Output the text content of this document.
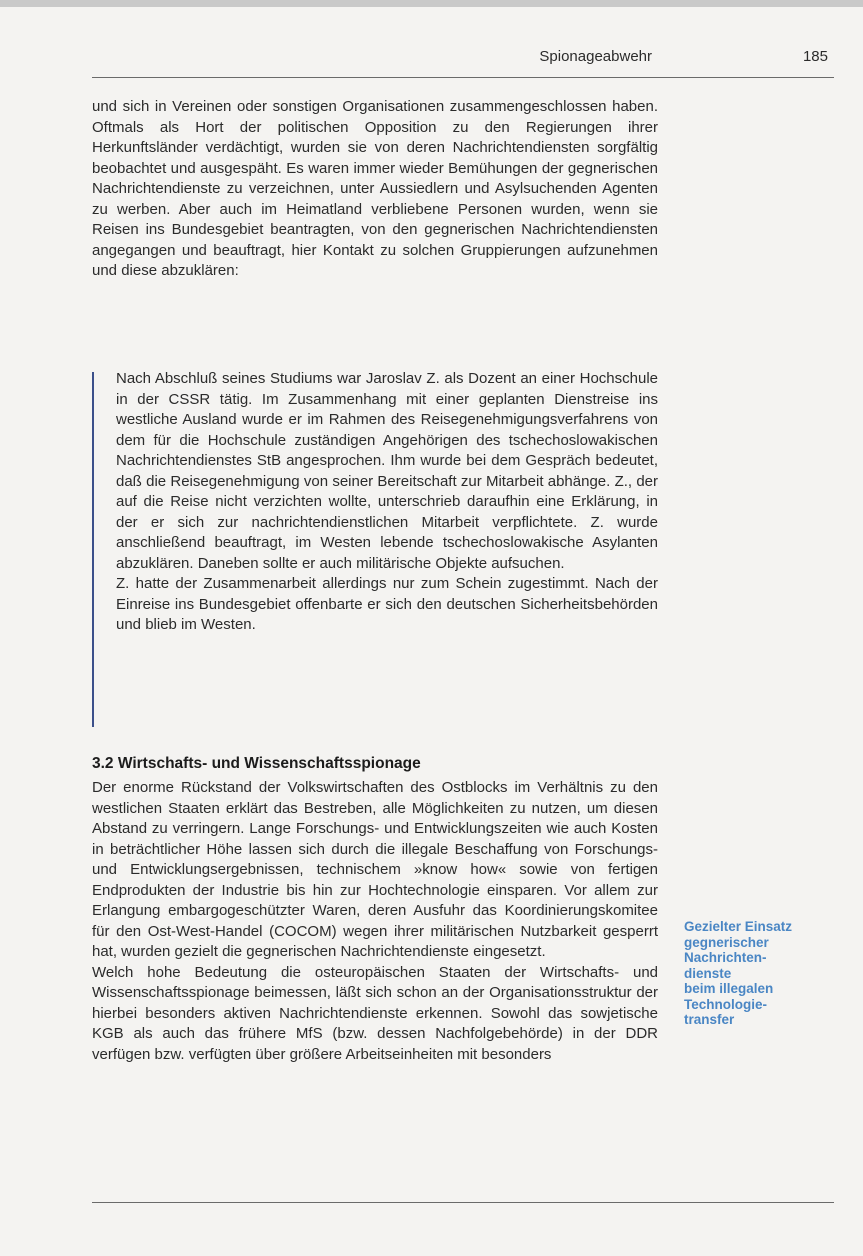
Spionageabwehr	185

und sich in Vereinen oder sonstigen Organisationen zusammengeschlossen haben. Oftmals als Hort der politischen Opposition zu den Regierungen ihrer Herkunftsländer verdächtigt, wurden sie von deren Nachrichtendiensten sorgfältig beobachtet und ausgespäht. Es waren immer wieder Bemühungen der gegnerischen Nachrichtendienste zu verzeichnen, unter Aussiedlern und Asylsuchenden Agenten zu werben. Aber auch im Heimatland verbliebene Personen wurden, wenn sie Reisen ins Bundesgebiet beantragten, von den gegnerischen Nachrichtendiensten angegangen und beauftragt, hier Kontakt zu solchen Gruppierungen aufzunehmen und diese abzuklären:

Nach Abschluß seines Studiums war Jaroslav Z. als Dozent an einer Hochschule in der CSSR tätig. Im Zusammenhang mit einer geplanten Dienstreise ins westliche Ausland wurde er im Rahmen des Reisegenehmigungsverfahrens von dem für die Hochschule zuständigen Angehörigen des tschechoslowakischen Nachrichtendienstes StB angesprochen. Ihm wurde bei dem Gespräch bedeutet, daß die Reisegenehmigung von seiner Bereitschaft zur Mitarbeit abhänge. Z., der auf die Reise nicht verzichten wollte, unterschrieb daraufhin eine Erklärung, in der er sich zur nachrichtendienstlichen Mitarbeit verpflichtete. Z. wurde anschließend beauftragt, im Westen lebende tschechoslowakische Asylanten abzuklären. Daneben sollte er auch militärische Objekte aufsuchen.

Z. hatte der Zusammenarbeit allerdings nur zum Schein zugestimmt. Nach der Einreise ins Bundesgebiet offenbarte er sich den deutschen Sicherheitsbehörden und blieb im Westen.

3.2 Wirtschafts- und Wissenschaftsspionage

Der enorme Rückstand der Volkswirtschaften des Ostblocks im Verhältnis zu den westlichen Staaten erklärt das Bestreben, alle Möglichkeiten zu nutzen, um diesen Abstand zu verringern. Lange Forschungs- und Entwicklungszeiten wie auch Kosten in beträchtlicher Höhe lassen sich durch die illegale Beschaffung von Forschungs- und Entwicklungsergebnissen, technischem »know how« sowie von fertigen Endprodukten der Industrie bis hin zur Hochtechnologie einsparen. Vor allem zur Erlangung embargogeschützter Waren, deren Ausfuhr das Koordinierungskomitee für den Ost-West-Handel (COCOM) wegen ihrer militärischen Nutzbarkeit gesperrt hat, wurden gezielt die gegnerischen Nachrichtendienste eingesetzt.

Welch hohe Bedeutung die osteuropäischen Staaten der Wirtschafts- und Wissenschaftsspionage beimessen, läßt sich schon an der Organisationsstruktur der hierbei besonders aktiven Nachrichtendienste erkennen. Sowohl das sowjetische KGB als auch das frühere MfS (bzw. dessen Nachfolgebehörde) in der DDR verfügen bzw. verfügten über größere Arbeitseinheiten mit besonders

Gezielter Einsatz
gegnerischer
Nachrichten-
dienste
beim illegalen
Technologie-
transfer
